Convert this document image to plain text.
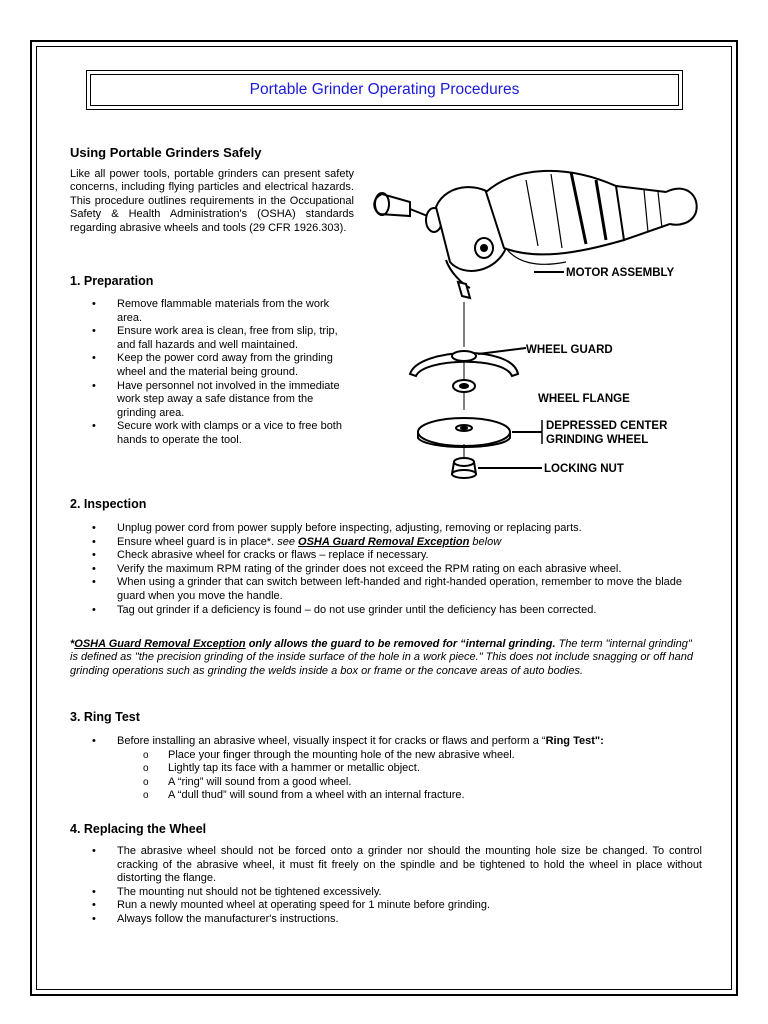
Portable Grinder Operating Procedures
Using Portable Grinders Safely

Like all power tools, portable grinders can present safety concerns, including flying particles and electrical hazards. This procedure outlines requirements in the Occupational Safety & Health Administration's (OSHA) standards regarding abrasive wheels and tools (29 CFR 1926.303).

MOTOR ASSEMBLY
WHEEL GUARD
WHEEL FLANGE
DEPRESSED CENTER
GRINDING WHEEL
LOCKING NUT
1. Preparation
• Remove flammable materials from the work area.
• Ensure work area is clean, free from slip, trip, and fall hazards and well maintained.
• Keep the power cord away from the grinding wheel and the material being ground.
• Have personnel not involved in the immediate work step away a safe distance from the grinding area.
• Secure work with clamps or a vice to free both hands to operate the tool.
2. Inspection
• Unplug power cord from power supply before inspecting, adjusting, removing or replacing parts.
• Ensure wheel guard is in place*. see OSHA Guard Removal Exception below
• Check abrasive wheel for cracks or flaws – replace if necessary.
• Verify the maximum RPM rating of the grinder does not exceed the RPM rating on each abrasive wheel.
• When using a grinder that can switch between left-handed and right-handed operation, remember to move the blade guard when you move the handle.
• Tag out grinder if a deficiency is found – do not use grinder until the deficiency has been corrected.

*OSHA Guard Removal Exception only allows the guard to be removed for “internal grinding. The term "internal grinding" is defined as "the precision grinding of the inside surface of the hole in a work piece." This does not include snagging or off hand grinding operations such as grinding the welds inside a box or frame or the concave areas of auto bodies.

3. Ring Test
• Before installing an abrasive wheel, visually inspect it for cracks or flaws and perform a “Ring Test":
o Place your finger through the mounting hole of the new abrasive wheel.
o Lightly tap its face with a hammer or metallic object.
o A “ring” will sound from a good wheel.
o A “dull thud” will sound from a wheel with an internal fracture.
4. Replacing the Wheel
• The abrasive wheel should not be forced onto a grinder nor should the mounting hole size be changed. To control cracking of the abrasive wheel, it must fit freely on the spindle and be tightened to hold the wheel in place without distorting the flange.
• The mounting nut should not be tightened excessively.
• Run a newly mounted wheel at operating speed for 1 minute before grinding.
• Always follow the manufacturer's instructions.
